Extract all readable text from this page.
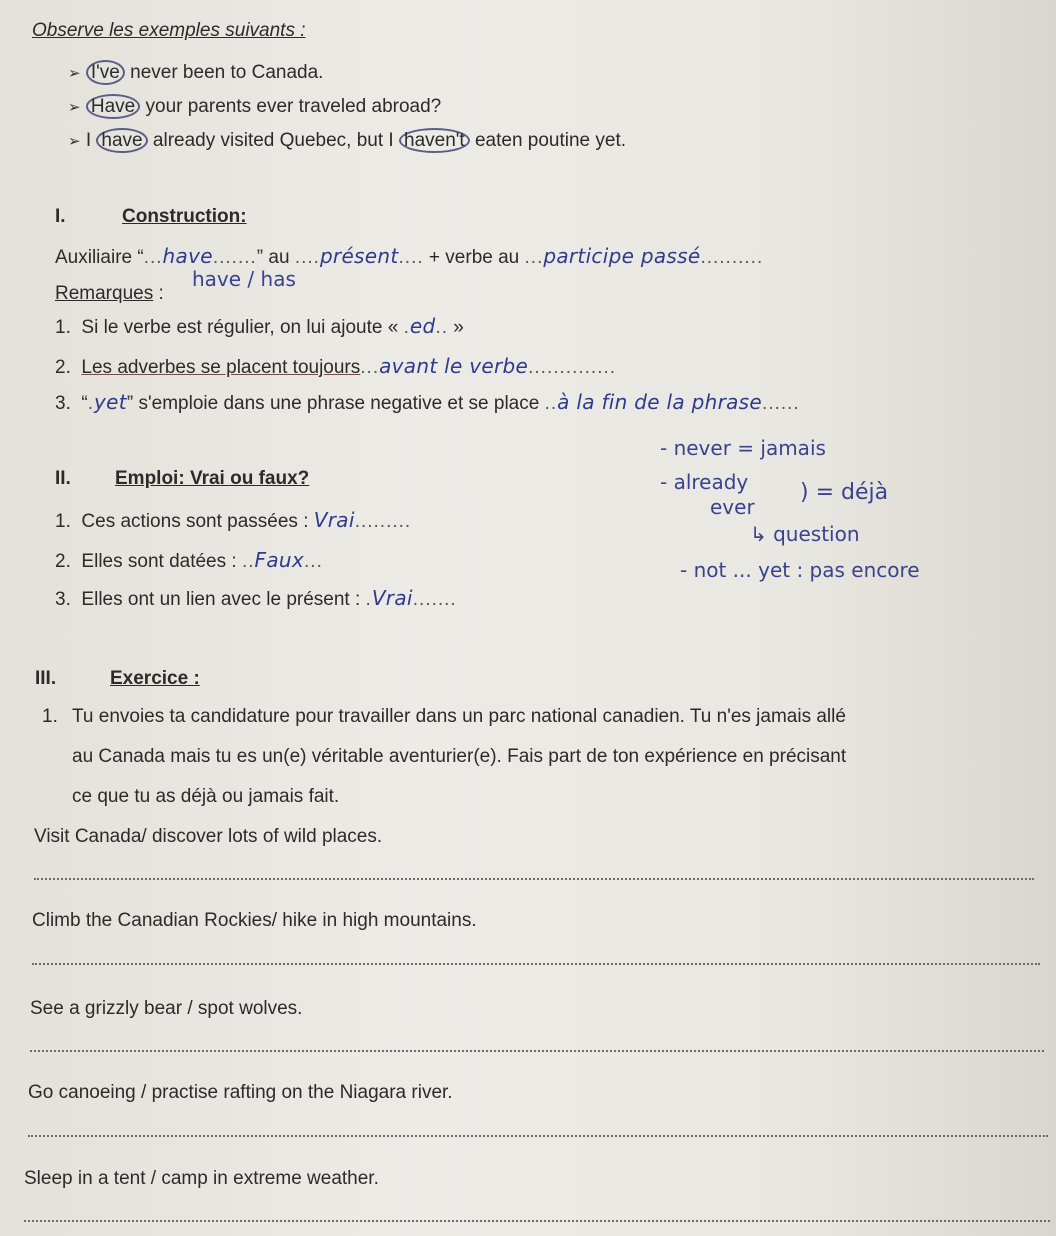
Observe les exemples suivants :
➢ I've never been to Canada.
➢ Have your parents ever traveled abroad?
➢ I have already visited Quebec, but I haven't eaten poutine yet.
I.	Construction:
Auxiliaire “...have.......” au ....présent.... + verbe au ...participe passé..........
Remarques :
have / has
1. Si le verbe est régulier, on lui ajoute « .ed.. »
2. Les adverbes se placent toujours...avant le verbe..............
3. “.yet” s'emploie dans une phrase negative et se place ..à la fin de la phrase......
II. Emploi: Vrai ou faux?
1. Ces actions sont passées : Vrai.........
2. Elles sont datées : ..Faux...
3. Elles ont un lien avec le présent : .Vrai.......
- never = jamais
- already
ever
) = déjà
↳ question
- not ... yet : pas encore
III.	Exercice :
1. Tu envoies ta candidature pour travailler dans un parc national canadien. Tu n'es jamais allé
au Canada mais tu es un(e) véritable aventurier(e). Fais part de ton expérience en précisant
ce que tu as déjà ou jamais fait.
Visit Canada/ discover lots of wild places.
Climb the Canadian Rockies/ hike in high mountains.
See a grizzly bear / spot wolves.
Go canoeing / practise rafting on the Niagara river.
Sleep in a tent / camp in extreme weather.
